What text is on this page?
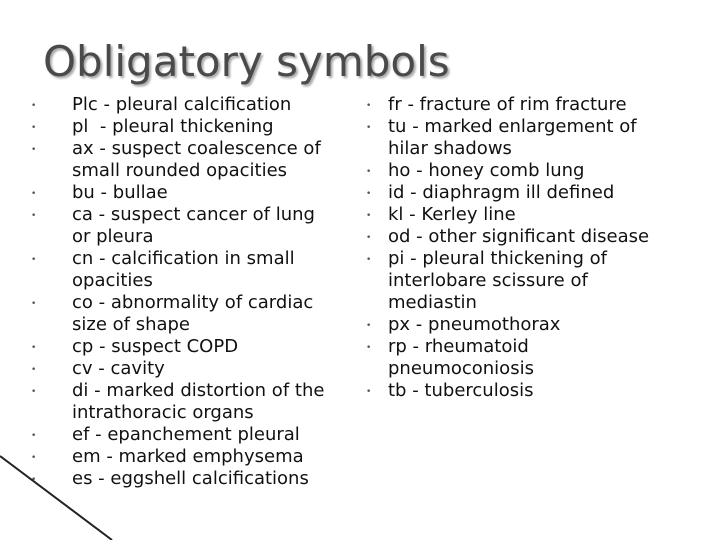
Obligatory symbols
• Plc - pleural calcification
• pl  - pleural thickening
• ax - suspect coalescence of
small rounded opacities
• bu - bullae
• ca - suspect cancer of lung
or pleura
• cn - calcification in small
opacities
• co - abnormality of cardiac
size of shape
• cp - suspect COPD
• cv - cavity
• di - marked distortion of the
intrathoracic organs
• ef - epanchement pleural
• em - marked emphysema
• es - eggshell calcifications
• fr - fracture of rim fracture
• tu - marked enlargement of
hilar shadows
• ho - honey comb lung
• id - diaphragm ill defined
• kl - Kerley line
• od - other significant disease
• pi - pleural thickening of
interlobare scissure of
mediastin
• px - pneumothorax
• rp - rheumatoid
pneumoconiosis
• tb - tuberculosis
